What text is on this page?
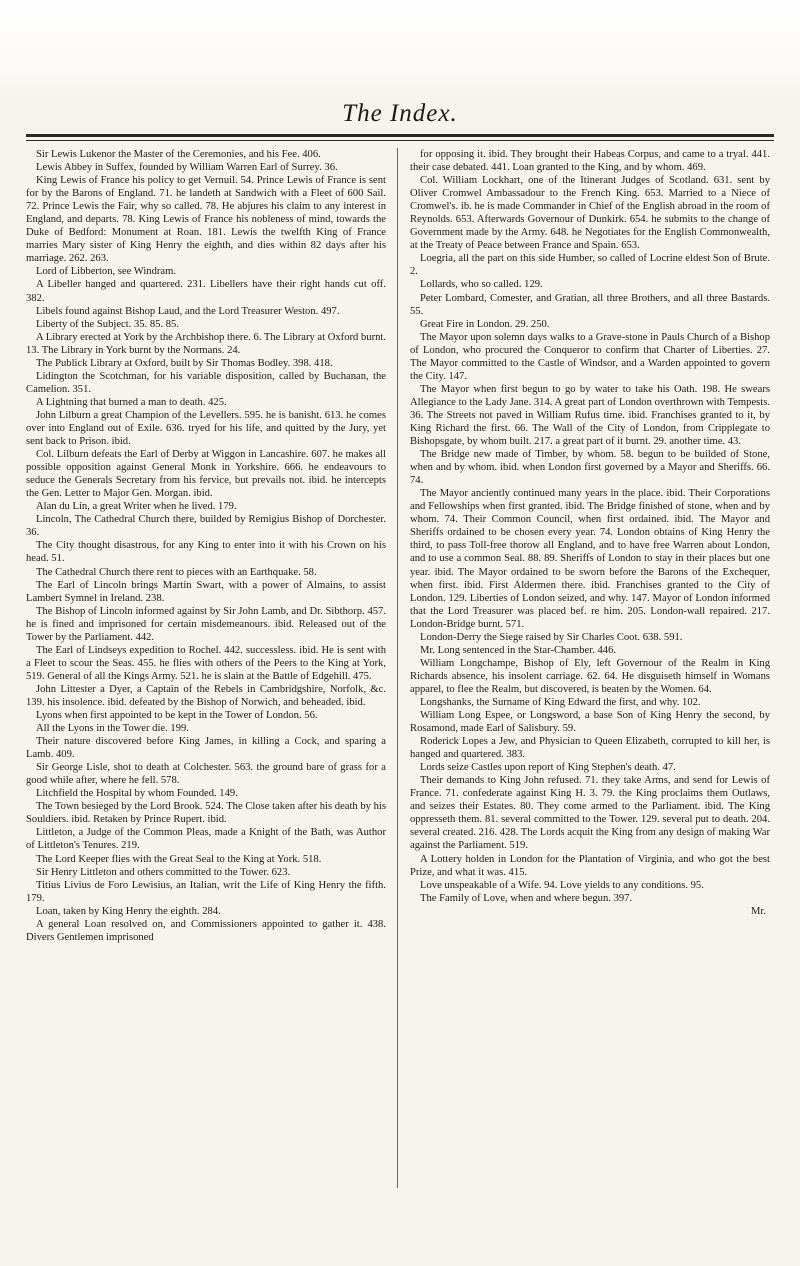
The Index.

Sir Lewis Lukenor the Master of the Ceremonies, and his Fee. 406.

Lewis Abbey in Suffex, founded by William Warren Earl of Surrey. 36.

King Lewis of France his policy to get Vernuil. 54. Prince Lewis of France is sent for by the Barons of England. 71. he landeth at Sandwich with a Fleet of 600 Sail. 72. Prince Lewis the Fair, why so called. 78. He abjures his claim to any interest in England, and departs. 78. King Lewis of France his nobleness of mind, towards the Duke of Bedford: Monument at Roan. 181. Lewis the twelfth King of France marries Mary sister of King Henry the eighth, and dies within 82 days after his marriage. 262. 263.

Lord of Libberton, see Windram.

A Libeller hanged and quartered. 231. Libellers have their right hands cut off. 382.

Libels found against Bishop Laud, and the Lord Treasurer Weston. 497.

Liberty of the Subject. 35. 85. 85.

A Library erected at York by the Archbishop there. 6. The Library at Oxford burnt. 13. The Library in York burnt by the Normans. 24.

The Publick Library at Oxford, built by Sir Thomas Bodley. 398. 418.

Lidington the Scotchman, for his variable disposition, called by Buchanan, the Camelion. 351.

A Lightning that burned a man to death. 425.

John Lilburn a great Champion of the Levellers. 595. he is banisht. 613. he comes over into England out of Exile. 636. tryed for his life, and quitted by the Jury, yet sent back to Prison. ibid.

Col. Lilburn defeats the Earl of Derby at Wiggon in Lancashire. 607. he makes all possible opposition against General Monk in Yorkshire. 666. he endeavours to seduce the Generals Secretary from his fervice, but prevails not. ibid. he intercepts the Gen. Letter to Major Gen. Morgan. ibid.

Alan du Lin, a great Writer when he lived. 179.

Lincoln, The Cathedral Church there, builded by Remigius Bishop of Dorchester. 36.

The City thought disastrous, for any King to enter into it with his Crown on his head. 51.

The Cathedral Church there rent to pieces with an Earthquake. 58.

The Earl of Lincoln brings Martin Swart, with a power of Almains, to assist Lambert Symnel in Ireland. 238.

The Bishop of Lincoln informed against by Sir John Lamb, and Dr. Sibthorp. 457. he is fined and imprisoned for certain misdemeanours. ibid. Released out of the Tower by the Parliament. 442.

The Earl of Lindseys expedition to Rochel. 442. successless. ibid. He is sent with a Fleet to scour the Seas. 455. he flies with others of the Peers to the King at York, 519. General of all the Kings Army. 521. he is slain at the Battle of Edgehill. 475.

John Littester a Dyer, a Captain of the Rebels in Cambridgshire, Norfolk, &c. 139. his insolence. ibid. defeated by the Bishop of Norwich, and beheaded. ibid.

Lyons when first appointed to be kept in the Tower of London. 56.

All the Lyons in the Tower die. 199.

Their nature discovered before King James, in killing a Cock, and sparing a Lamb. 409.

Sir George Lisle, shot to death at Colchester. 563. the ground bare of grass for a good while after, where he fell. 578.

Litchfield the Hospital by whom Founded. 149.

The Town besieged by the Lord Brook. 524. The Close taken after his death by his Souldiers. ibid. Retaken by Prince Rupert. ibid.

Littleton, a Judge of the Common Pleas, made a Knight of the Bath, was Author of Littleton's Tenures. 219.

The Lord Keeper flies with the Great Seal to the King at York. 518.

Sir Henry Littleton and others committed to the Tower. 623.

Titius Livius de Foro Lewisius, an Italian, writ the Life of King Henry the fifth. 179.

Loan, taken by King Henry the eighth. 284.

A general Loan resolved on, and Commissioners appointed to gather it. 438. Divers Gentlemen imprisoned

for opposing it. ibid. They brought their Habeas Corpus, and came to a tryal. 441. their case debated. 441. Loan granted to the King, and by whom. 469.

Col. William Lockhart, one of the Itinerant Judges of Scotland. 631. sent by Oliver Cromwel Ambassadour to the French King. 653. Married to a Niece of Cromwel's. ib. he is made Commander in Chief of the English abroad in the room of Reynolds. 653. Afterwards Governour of Dunkirk. 654. he submits to the change of Government made by the Army. 648. he Negotiates for the English Commonwealth, at the Treaty of Peace between France and Spain. 653.

Loegria, all the part on this side Humber, so called of Locrine eldest Son of Brute. 2.

Lollards, who so called. 129.

Peter Lombard, Comester, and Gratian, all three Brothers, and all three Bastards. 55.

Great Fire in London. 29. 250.

The Mayor upon solemn days walks to a Grave-stone in Pauls Church of a Bishop of London, who procured the Conqueror to confirm that Charter of Liberties. 27. The Mayor committed to the Castle of Windsor, and a Warden appointed to govern the City. 147.

The Mayor when first begun to go by water to take his Oath. 198. He swears Allegiance to the Lady Jane. 314. A great part of London overthrown with Tempests. 36. The Streets not paved in William Rufus time. ibid. Franchises granted to it, by King Richard the first. 66. The Wall of the City of London, from Cripplegate to Bishopsgate, by whom built. 217. a great part of it burnt. 29. another time. 43.

The Bridge new made of Timber, by whom. 58. begun to be builded of Stone, when and by whom. ibid. when London first governed by a Mayor and Sheriffs. 66. 74.

The Mayor anciently continued many years in the place. ibid. Their Corporations and Fellowships when first granted. ibid. The Bridge finished of stone, when and by whom. 74. Their Common Council, when first ordained. ibid. The Mayor and Sheriffs ordained to be chosen every year. 74. London obtains of King Henry the third, to pass Toll-free thorow all England, and to have free Warren about London, and to use a common Seal. 88. 89. Sheriffs of London to stay in their places but one year. ibid. The Mayor ordained to be sworn before the Barons of the Exchequer, when first. ibid. First Aldermen there. ibid. Franchises granted to the City of London. 129. Liberties of London seized, and why. 147. Mayor of London informed that the Lord Treasurer was placed bef. re him. 205. London-wall repaired. 217. London-Bridge burnt. 571.

London-Derry the Siege raised by Sir Charles Coot. 638. 591.

Mr. Long sentenced in the Star-Chamber. 446.

William Longchampe, Bishop of Ely, left Governour of the Realm in King Richards absence, his insolent carriage. 62. 64. He disguiseth himself in Womans apparel, to flee the Realm, but discovered, is beaten by the Women. 64.

Longshanks, the Surname of King Edward the first, and why. 102.

William Long Espee, or Longsword, a base Son of King Henry the second, by Rosamond, made Earl of Salisbury. 59.

Roderick Lopes a Jew, and Physician to Queen Elizabeth, corrupted to kill her, is hanged and quartered. 383.

Lords seize Castles upon report of King Stephen's death. 47.

Their demands to King John refused. 71. they take Arms, and send for Lewis of France. 71. confederate against King H. 3. 79. the King proclaims them Outlaws, and seizes their Estates. 80. They come armed to the Parliament. ibid. The King oppresseth them. 81. several committed to the Tower. 129. several put to death. 204. several created. 216. 428. The Lords acquit the King from any design of making War against the Parliament. 519.

A Lottery holden in London for the Plantation of Virginia, and who got the best Prize, and what it was. 415.

Love unspeakable of a Wife. 94. Love yields to any conditions. 95.

The Family of Love, when and where begun. 397.

Mr.
